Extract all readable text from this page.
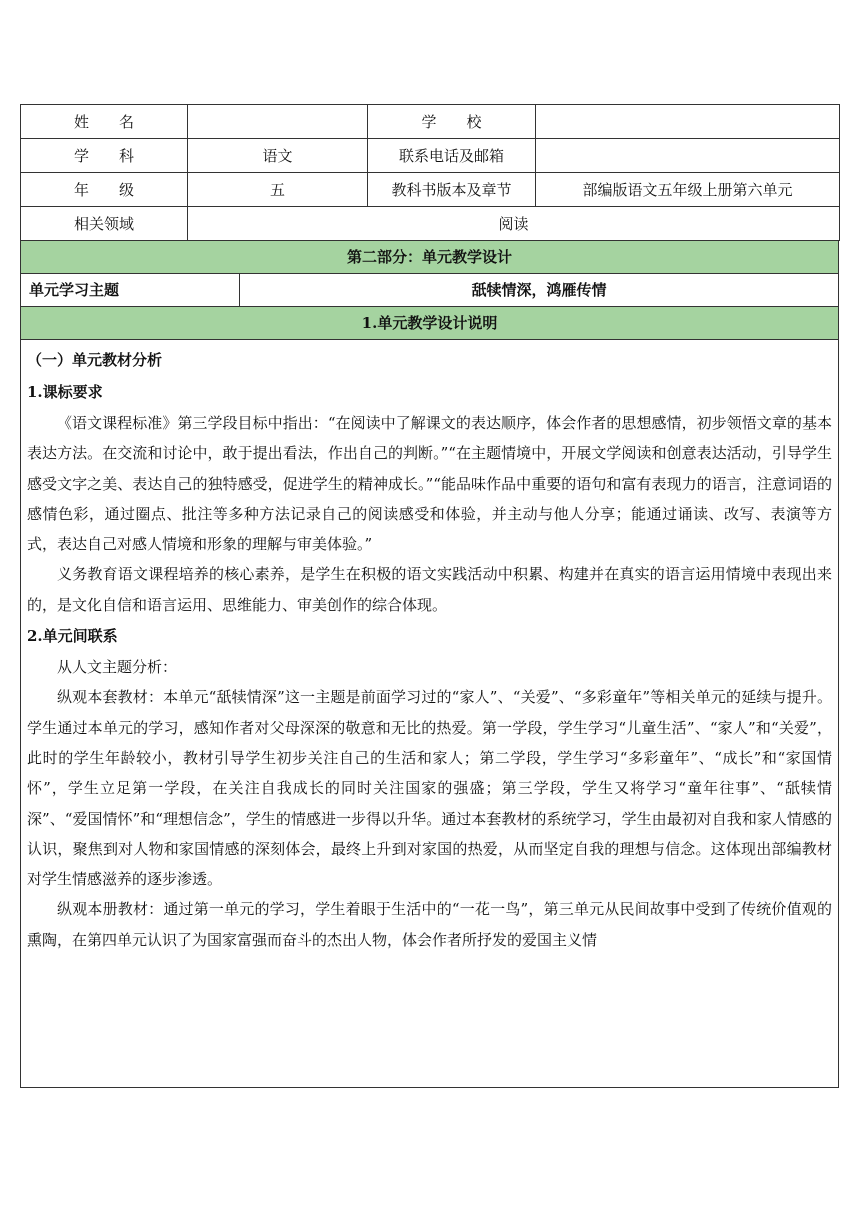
姓　　名		学　　校	
学　　科	语文	联系电话及邮箱	
年　　级	五	教科书版本及章节	部编版语文五年级上册第六单元
相关领域	阅读		
第二部分：单元教学设计
单元学习主题	舐犊情深，鸿雁传情
1.单元教学设计说明

（一）单元教材分析

1.课标要求

《语文课程标准》第三学段目标中指出：“在阅读中了解课文的表达顺序，体会作者的思想感情，初步领悟文章的基本表达方法。在交流和讨论中，敢于提出看法，作出自己的判断。”“在主题情境中，开展文学阅读和创意表达活动，引导学生感受文字之美、表达自己的独特感受，促进学生的精神成长。”“能品味作品中重要的语句和富有表现力的语言，注意词语的感情色彩，通过圈点、批注等多种方法记录自己的阅读感受和体验，并主动与他人分享；能通过诵读、改写、表演等方式，表达自己对感人情境和形象的理解与审美体验。”

义务教育语文课程培养的核心素养，是学生在积极的语文实践活动中积累、构建并在真实的语言运用情境中表现出来的，是文化自信和语言运用、思维能力、审美创作的综合体现。

2.单元间联系

从人文主题分析：

纵观本套教材：本单元“舐犊情深”这一主题是前面学习过的“家人”、“关爱”、“多彩童年”等相关单元的延续与提升。学生通过本单元的学习，感知作者对父母深深的敬意和无比的热爱。第一学段，学生学习“儿童生活”、“家人”和“关爱”，此时的学生年龄较小，教材引导学生初步关注自己的生活和家人；第二学段，学生学习“多彩童年”、“成长”和“家国情怀”，学生立足第一学段，在关注自我成长的同时关注国家的强盛；第三学段，学生又将学习“童年往事”、“舐犊情深”、“爱国情怀”和“理想信念”，学生的情感进一步得以升华。通过本套教材的系统学习，学生由最初对自我和家人情感的认识，聚焦到对人物和家国情感的深刻体会，最终上升到对家国的热爱，从而坚定自我的理想与信念。这体现出部编教材对学生情感滋养的逐步渗透。

纵观本册教材：通过第一单元的学习，学生着眼于生活中的“一花一鸟”，第三单元从民间故事中受到了传统价值观的熏陶，在第四单元认识了为国家富强而奋斗的杰出人物，体会作者所抒发的爱国主义情
